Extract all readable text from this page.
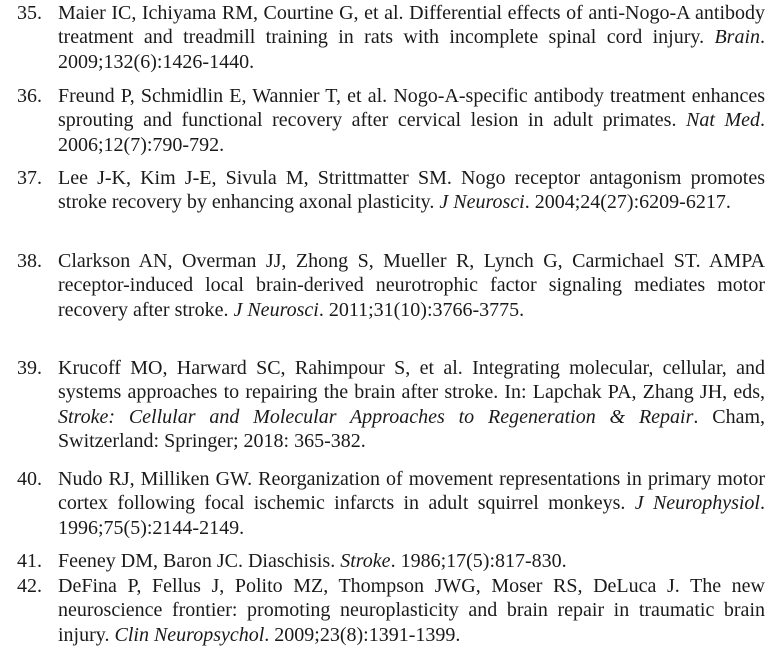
35. Maier IC, Ichiyama RM, Courtine G, et al. Differential effects of anti-Nogo-A antibody treatment and treadmill training in rats with incomplete spinal cord injury. Brain. 2009;132(6):1426-1440.
36. Freund P, Schmidlin E, Wannier T, et al. Nogo-A-specific antibody treatment enhances sprouting and functional recovery after cervical lesion in adult primates. Nat Med. 2006;12(7):790-792.
37. Lee J-K, Kim J-E, Sivula M, Strittmatter SM. Nogo receptor antagonism promotes stroke recovery by enhancing axonal plasticity. J Neurosci. 2004;24(27):6209-6217.
38. Clarkson AN, Overman JJ, Zhong S, Mueller R, Lynch G, Carmichael ST. AMPA receptor-induced local brain-derived neurotrophic factor signaling mediates motor recovery after stroke. J Neurosci. 2011;31(10):3766-3775.
39. Krucoff MO, Harward SC, Rahimpour S, et al. Integrating molecular, cellular, and systems approaches to repairing the brain after stroke. In: Lapchak PA, Zhang JH, eds, Stroke: Cellular and Molecular Approaches to Regeneration & Repair. Cham, Switzerland: Springer; 2018: 365-382.
40. Nudo RJ, Milliken GW. Reorganization of movement representations in primary motor cortex following focal ischemic infarcts in adult squirrel monkeys. J Neurophysiol. 1996;75(5):2144-2149.
41. Feeney DM, Baron JC. Diaschisis. Stroke. 1986;17(5):817-830.
42. DeFina P, Fellus J, Polito MZ, Thompson JWG, Moser RS, DeLuca J. The new neuroscience frontier: promoting neuroplasticity and brain repair in traumatic brain injury. Clin Neuropsychol. 2009;23(8):1391-1399.
